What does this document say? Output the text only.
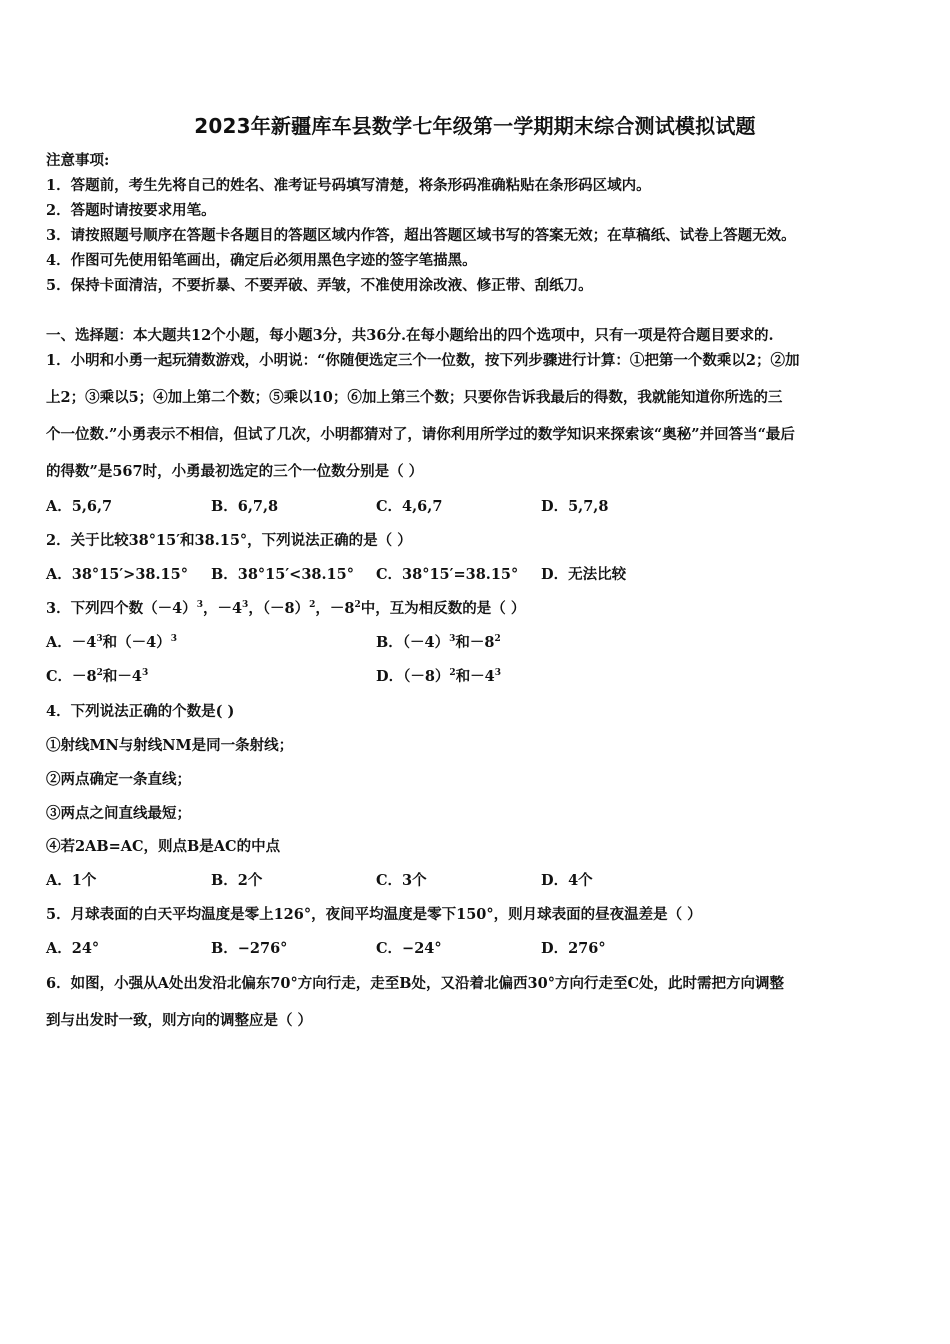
2023年新疆库车县数学七年级第一学期期末综合测试模拟试题
注意事项:
1．答题前，考生先将自己的姓名、准考证号码填写清楚，将条形码准确粘贴在条形码区域内。
2．答题时请按要求用笔。
3．请按照题号顺序在答题卡各题目的答题区域内作答，超出答题区域书写的答案无效；在草稿纸、试卷上答题无效。
4．作图可先使用铅笔画出，确定后必须用黑色字迹的签字笔描黑。
5．保持卡面清洁，不要折暴、不要弄破、弄皱，不准使用涂改液、修正带、刮纸刀。
一、选择题：本大题共12个小题，每小题3分，共36分.在每小题给出的四个选项中，只有一项是符合题目要求的.
1．小明和小勇一起玩猜数游戏，小明说：“你随便选定三个一位数，按下列步骤进行计算：①把第一个数乘以2；②加
上2；③乘以5；④加上第二个数；⑤乘以10；⑥加上第三个数；只要你告诉我最后的得数，我就能知道你所选的三
个一位数.”小勇表示不相信，但试了几次，小明都猜对了，请你利用所学过的数学知识来探索该“奥秘”并回答当“最后
的得数”是567时，小勇最初选定的三个一位数分别是（ ）
A．5,6,7	B．6,7,8	C．4,6,7	D．5,7,8
2．关于比较38°15′和38.15°，下列说法正确的是（ ）
A．38°15′>38.15° B．38°15′<38.15° C．38°15′=38.15° D．无法比较
3．下列四个数$(-4)^3$，$-4^3$，$(-8)^2$，$-8^2$中，互为相反数的是（ ）
A．$-4^3$和$(-4)^3$	B．$(-4)^3$和$-8^2$
C．$-8^2$和$-4^3$	D．$(-8)^2$和$-4^3$
4．下列说法正确的个数是( )
①射线MN与射线NM是同一条射线；
②两点确定一条直线；
③两点之间直线最短；
④若2AB=AC，则点B是AC的中点
A．1个	B．2个	C．3个	D．4个
5．月球表面的白天平均温度是零上126°，夜间平均温度是零下150°，则月球表面的昼夜温差是（ ）
A．24°	B．−276°	C．−24°	D．276°
6．如图，小强从A处出发沿北偏东70°方向行走，走至B处，又沿着北偏西30°方向行走至C处，此时需把方向调整
到与出发时一致，则方向的调整应是（ ）
